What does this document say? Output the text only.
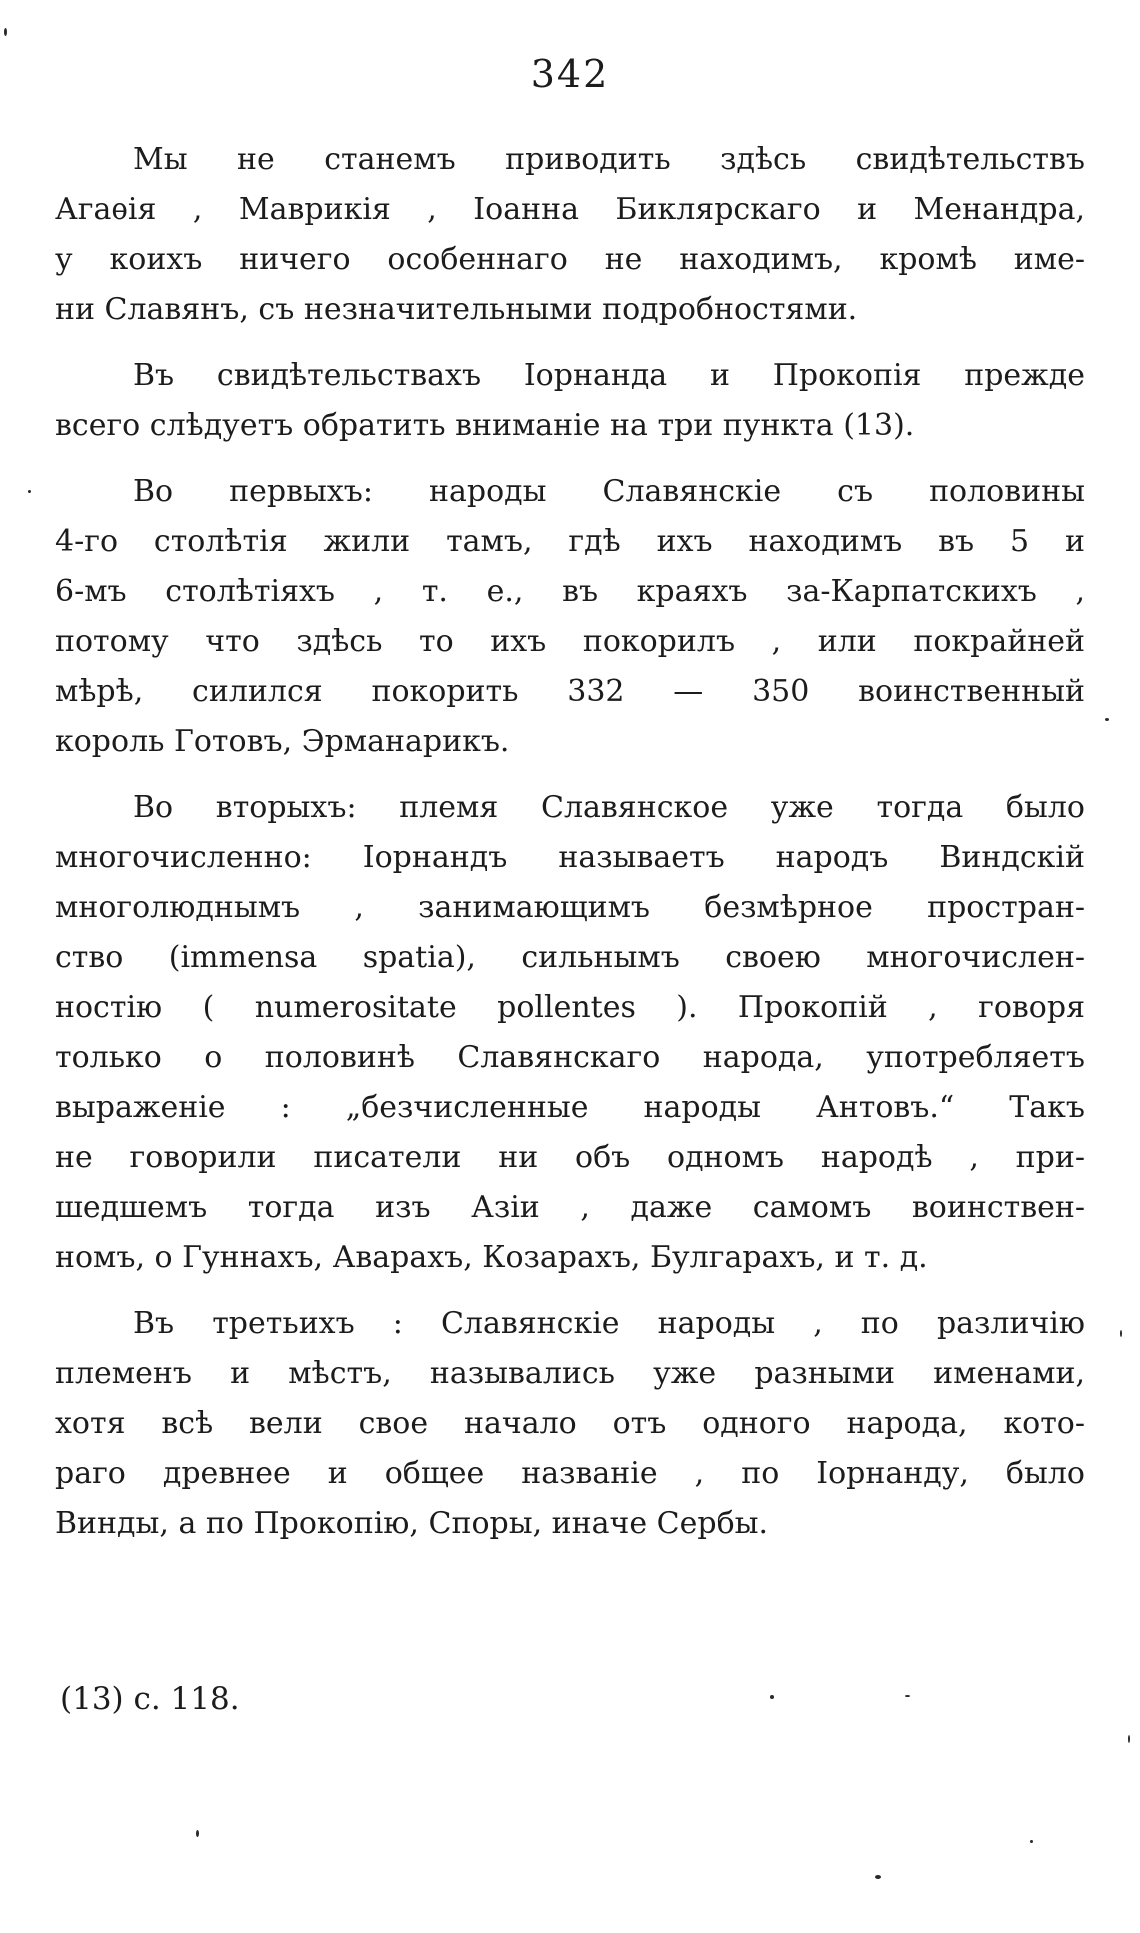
342
Мы не станемъ приводить здѣсь свидѣтельствъ
Агаѳія , Маврикія , Іоанна Биклярскаго и Менандра,
у коихъ ничего особеннаго не находимъ, кромѣ име-
ни Славянъ, съ незначительными подробностями.
Въ свидѣтельствахъ Іорнанда и Прокопія прежде
всего слѣдуетъ обратить вниманіе на три пункта (13).
Во первыхъ: народы Славянскіе съ половины
4-го столѣтія жили тамъ, гдѣ ихъ находимъ въ 5 и
6-мъ столѣтіяхъ , т. е., въ краяхъ за-Карпатскихъ ,
потому что здѣсь то ихъ покорилъ , или покрайней
мѣрѣ, силился покорить 332 — 350 воинственный
король Готовъ, Эрманарикъ.
Во вторыхъ: племя Славянское уже тогда было
многочисленно: Іорнандъ называетъ народъ Виндскій
многолюднымъ , занимающимъ безмѣрное простран-
ство (immensa spatia), сильнымъ своею многочислен-
ностію ( numerositate pollentes ). Прокопій , говоря
только о половинѣ Славянскаго народа, употребляетъ
выраженіе : „безчисленные народы Антовъ.“ Такъ
не говорили писатели ни объ одномъ народѣ , при-
шедшемъ тогда изъ Азіи , даже самомъ воинствен-
номъ, о Гуннахъ, Аварахъ, Козарахъ, Булгарахъ, и т. д.
Въ третьихъ : Славянскіе народы , по различію
племенъ и мѣстъ, назывались уже разными именами,
хотя всѣ вели свое начало отъ одного народа, кото-
раго древнее и общее названіе , по Іорнанду, было
Винды, а по Прокопію, Споры, иначе Сербы.
(13) с. 118.
